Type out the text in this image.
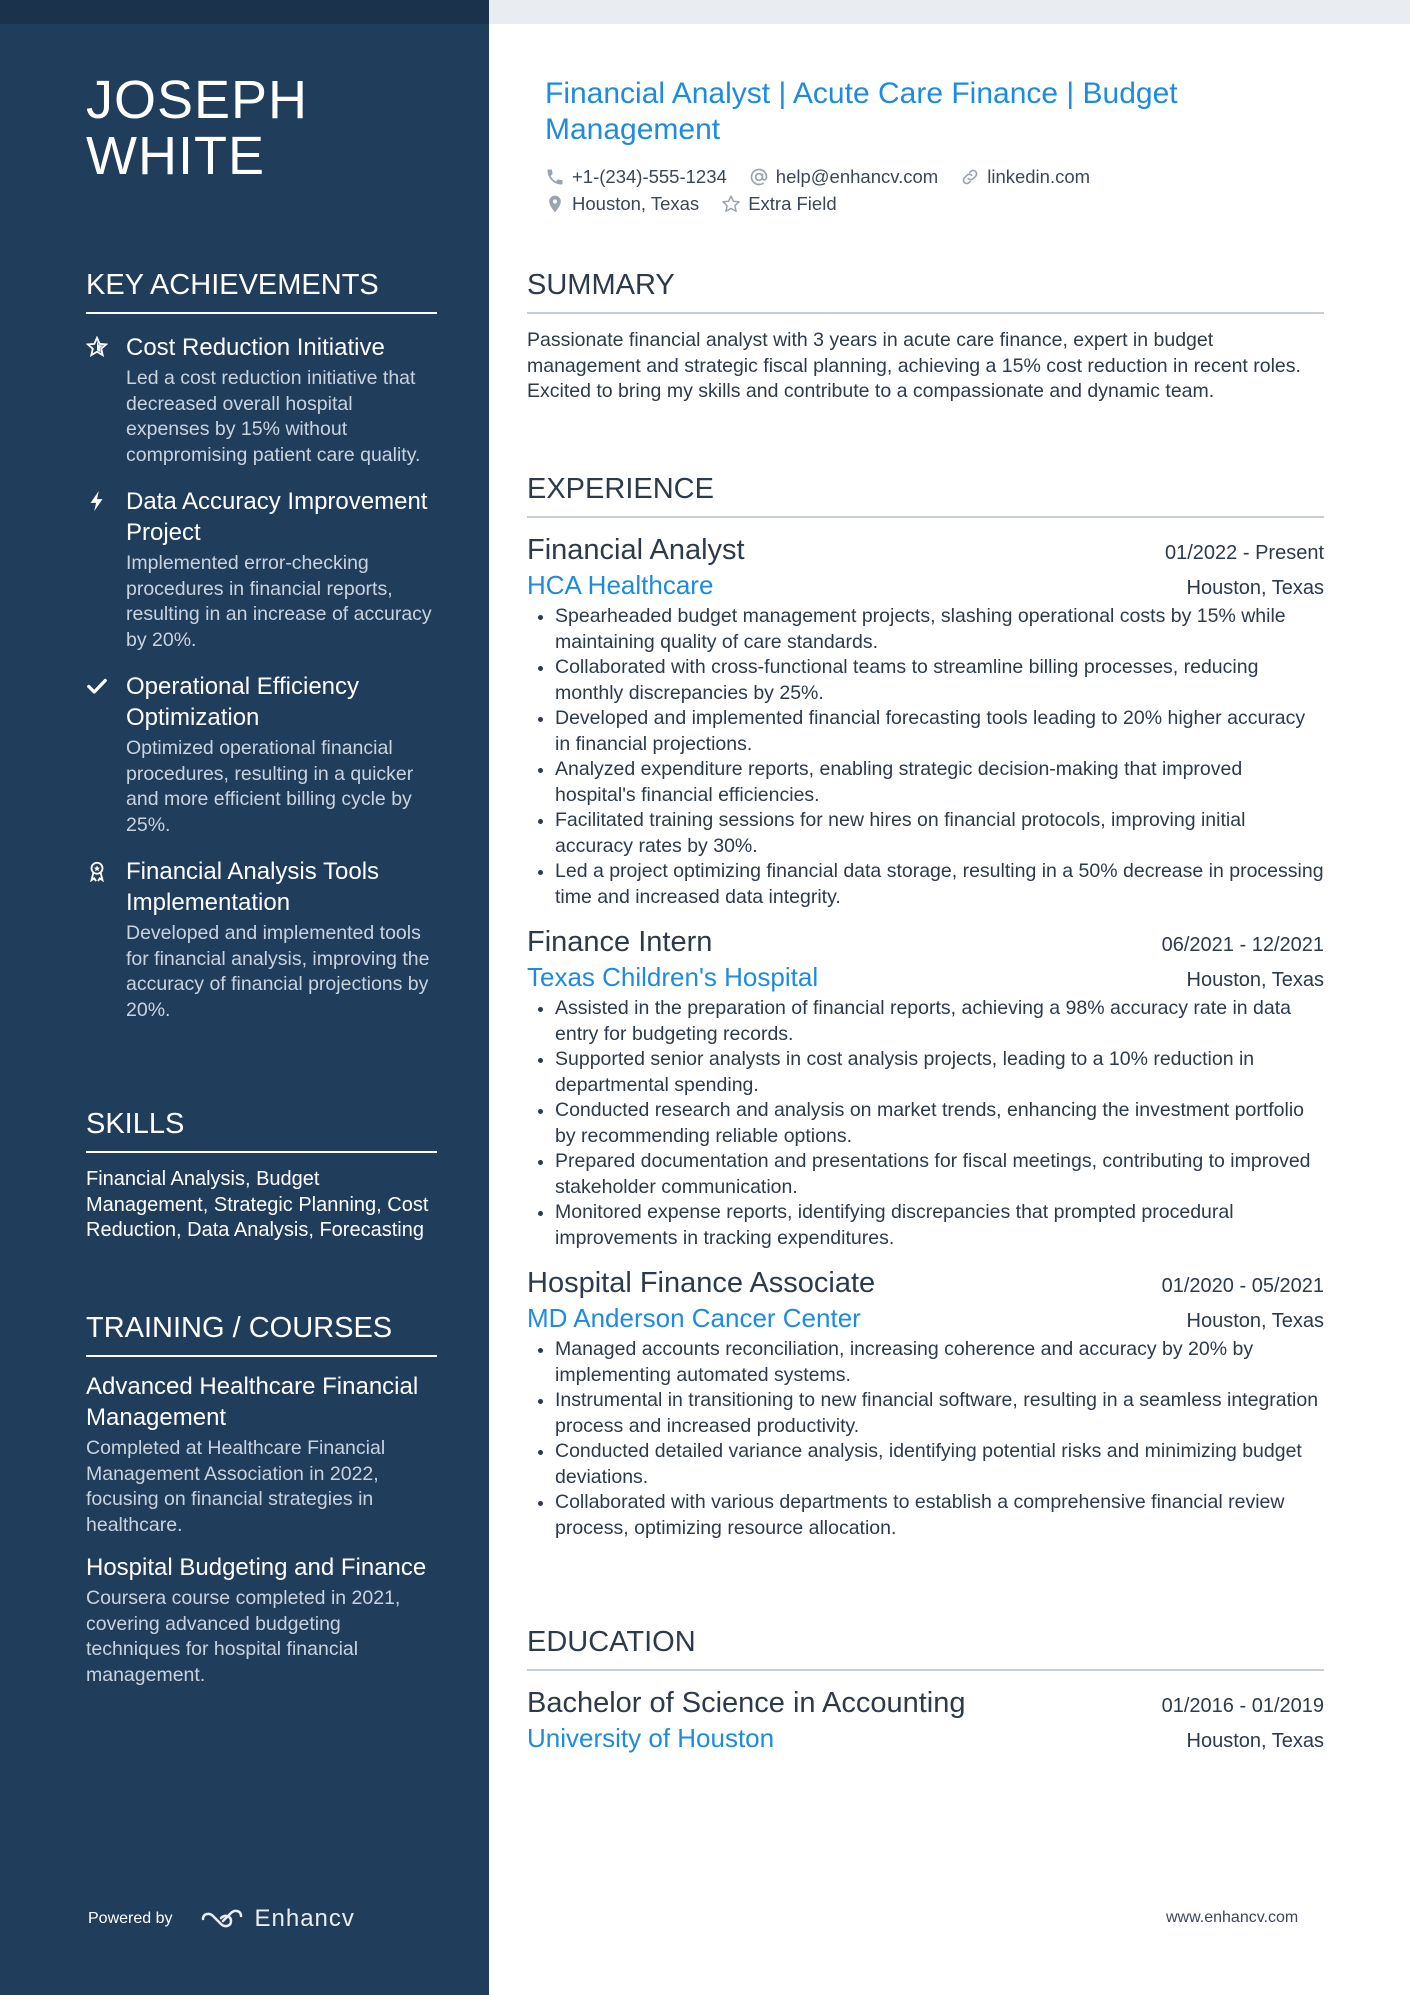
JOSEPH WHITE
KEY ACHIEVEMENTS
Cost Reduction Initiative
Led a cost reduction initiative that decreased overall hospital expenses by 15% without compromising patient care quality.
Data Accuracy Improvement Project
Implemented error-checking procedures in financial reports, resulting in an increase of accuracy by 20%.
Operational Efficiency Optimization
Optimized operational financial procedures, resulting in a quicker and more efficient billing cycle by 25%.
Financial Analysis Tools Implementation
Developed and implemented tools for financial analysis, improving the accuracy of financial projections by 20%.
SKILLS
Financial Analysis, Budget Management, Strategic Planning, Cost Reduction, Data Analysis, Forecasting
TRAINING / COURSES
Advanced Healthcare Financial Management
Completed at Healthcare Financial Management Association in 2022, focusing on financial strategies in healthcare.
Hospital Budgeting and Finance
Coursera course completed in 2021, covering advanced budgeting techniques for hospital financial management.
Powered by	Enhancv
Financial Analyst | Acute Care Finance | Budget Management
+1-(234)-555-1234	help@enhancv.com	linkedin.com
Houston, Texas	Extra Field
SUMMARY

Passionate financial analyst with 3 years in acute care finance, expert in budget management and strategic fiscal planning, achieving a 15% cost reduction in recent roles. Excited to bring my skills and contribute to a compassionate and dynamic team.

EXPERIENCE
Financial Analyst	01/2022 - Present
HCA Healthcare	Houston, Texas
Spearheaded budget management projects, slashing operational costs by 15% while maintaining quality of care standards.
Collaborated with cross-functional teams to streamline billing processes, reducing monthly discrepancies by 25%.
Developed and implemented financial forecasting tools leading to 20% higher accuracy in financial projections.
Analyzed expenditure reports, enabling strategic decision-making that improved hospital's financial efficiencies.
Facilitated training sessions for new hires on financial protocols, improving initial accuracy rates by 30%.
Led a project optimizing financial data storage, resulting in a 50% decrease in processing time and increased data integrity.
Finance Intern	06/2021 - 12/2021
Texas Children's Hospital	Houston, Texas
Assisted in the preparation of financial reports, achieving a 98% accuracy rate in data entry for budgeting records.
Supported senior analysts in cost analysis projects, leading to a 10% reduction in departmental spending.
Conducted research and analysis on market trends, enhancing the investment portfolio by recommending reliable options.
Prepared documentation and presentations for fiscal meetings, contributing to improved stakeholder communication.
Monitored expense reports, identifying discrepancies that prompted procedural improvements in tracking expenditures.
Hospital Finance Associate	01/2020 - 05/2021
MD Anderson Cancer Center	Houston, Texas
Managed accounts reconciliation, increasing coherence and accuracy by 20% by implementing automated systems.
Instrumental in transitioning to new financial software, resulting in a seamless integration process and increased productivity.
Conducted detailed variance analysis, identifying potential risks and minimizing budget deviations.
Collaborated with various departments to establish a comprehensive financial review process, optimizing resource allocation.
EDUCATION
Bachelor of Science in Accounting	01/2016 - 01/2019
University of Houston	Houston, Texas
www.enhancv.com
